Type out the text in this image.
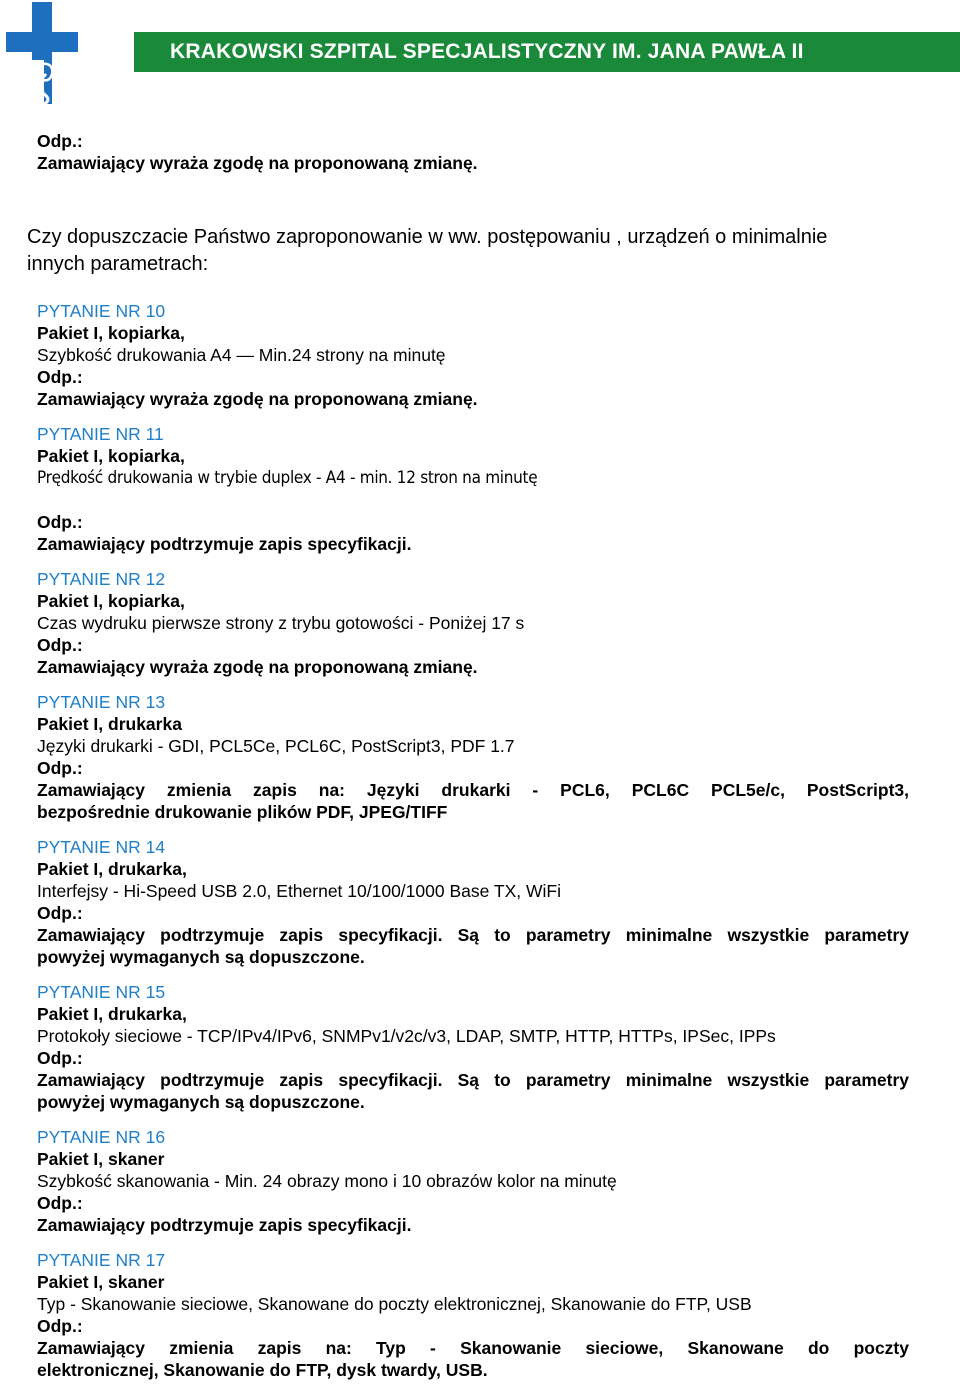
KRAKOWSKI SZPITAL SPECJALISTYCZNY IM. JANA PAWŁA II
Odp.:
Zamawiający wyraża zgodę na proponowaną zmianę.
Czy dopuszczacie Państwo zaproponowanie w ww. postępowaniu , urządzeń o minimalnie
innych parametrach:
PYTANIE NR 10
Pakiet I, kopiarka,
Szybkość drukowania A4 — Min.24 strony na minutę
Odp.:
Zamawiający wyraża zgodę na proponowaną zmianę.
PYTANIE NR 11
Pakiet I, kopiarka,
Prędkość drukowania w trybie duplex - A4 - min. 12 stron na minutę
Odp.:
Zamawiający podtrzymuje zapis specyfikacji.
PYTANIE NR 12
Pakiet I, kopiarka,
Czas wydruku pierwsze strony z trybu gotowości - Poniżej 17 s
Odp.:
Zamawiający wyraża zgodę na proponowaną zmianę.
PYTANIE NR 13
Pakiet I, drukarka
Języki drukarki - GDI, PCL5Ce, PCL6C, PostScript3, PDF 1.7
Odp.:
Zamawiający zmienia zapis na: Języki drukarki - PCL6, PCL6C PCL5e/c, PostScript3,
bezpośrednie drukowanie plików PDF, JPEG/TIFF
PYTANIE NR 14
Pakiet I, drukarka,
Interfejsy - Hi-Speed USB 2.0, Ethernet 10/100/1000 Base TX, WiFi
Odp.:
Zamawiający podtrzymuje zapis specyfikacji. Są to parametry minimalne wszystkie parametry
powyżej wymaganych są dopuszczone.
PYTANIE NR 15
Pakiet I, drukarka,
Protokoły sieciowe - TCP/IPv4/IPv6, SNMPv1/v2c/v3, LDAP, SMTP, HTTP, HTTPs, IPSec, IPPs
Odp.:
Zamawiający podtrzymuje zapis specyfikacji. Są to parametry minimalne wszystkie parametry
powyżej wymaganych są dopuszczone.
PYTANIE NR 16
Pakiet I, skaner
Szybkość skanowania - Min. 24 obrazy mono i 10 obrazów kolor na minutę
Odp.:
Zamawiający podtrzymuje zapis specyfikacji.
PYTANIE NR 17
Pakiet I, skaner
Typ - Skanowanie sieciowe, Skanowane do poczty elektronicznej, Skanowanie do FTP, USB
Odp.:
Zamawiający zmienia zapis na: Typ - Skanowanie sieciowe, Skanowane do poczty
elektronicznej, Skanowanie do FTP, dysk twardy, USB.
